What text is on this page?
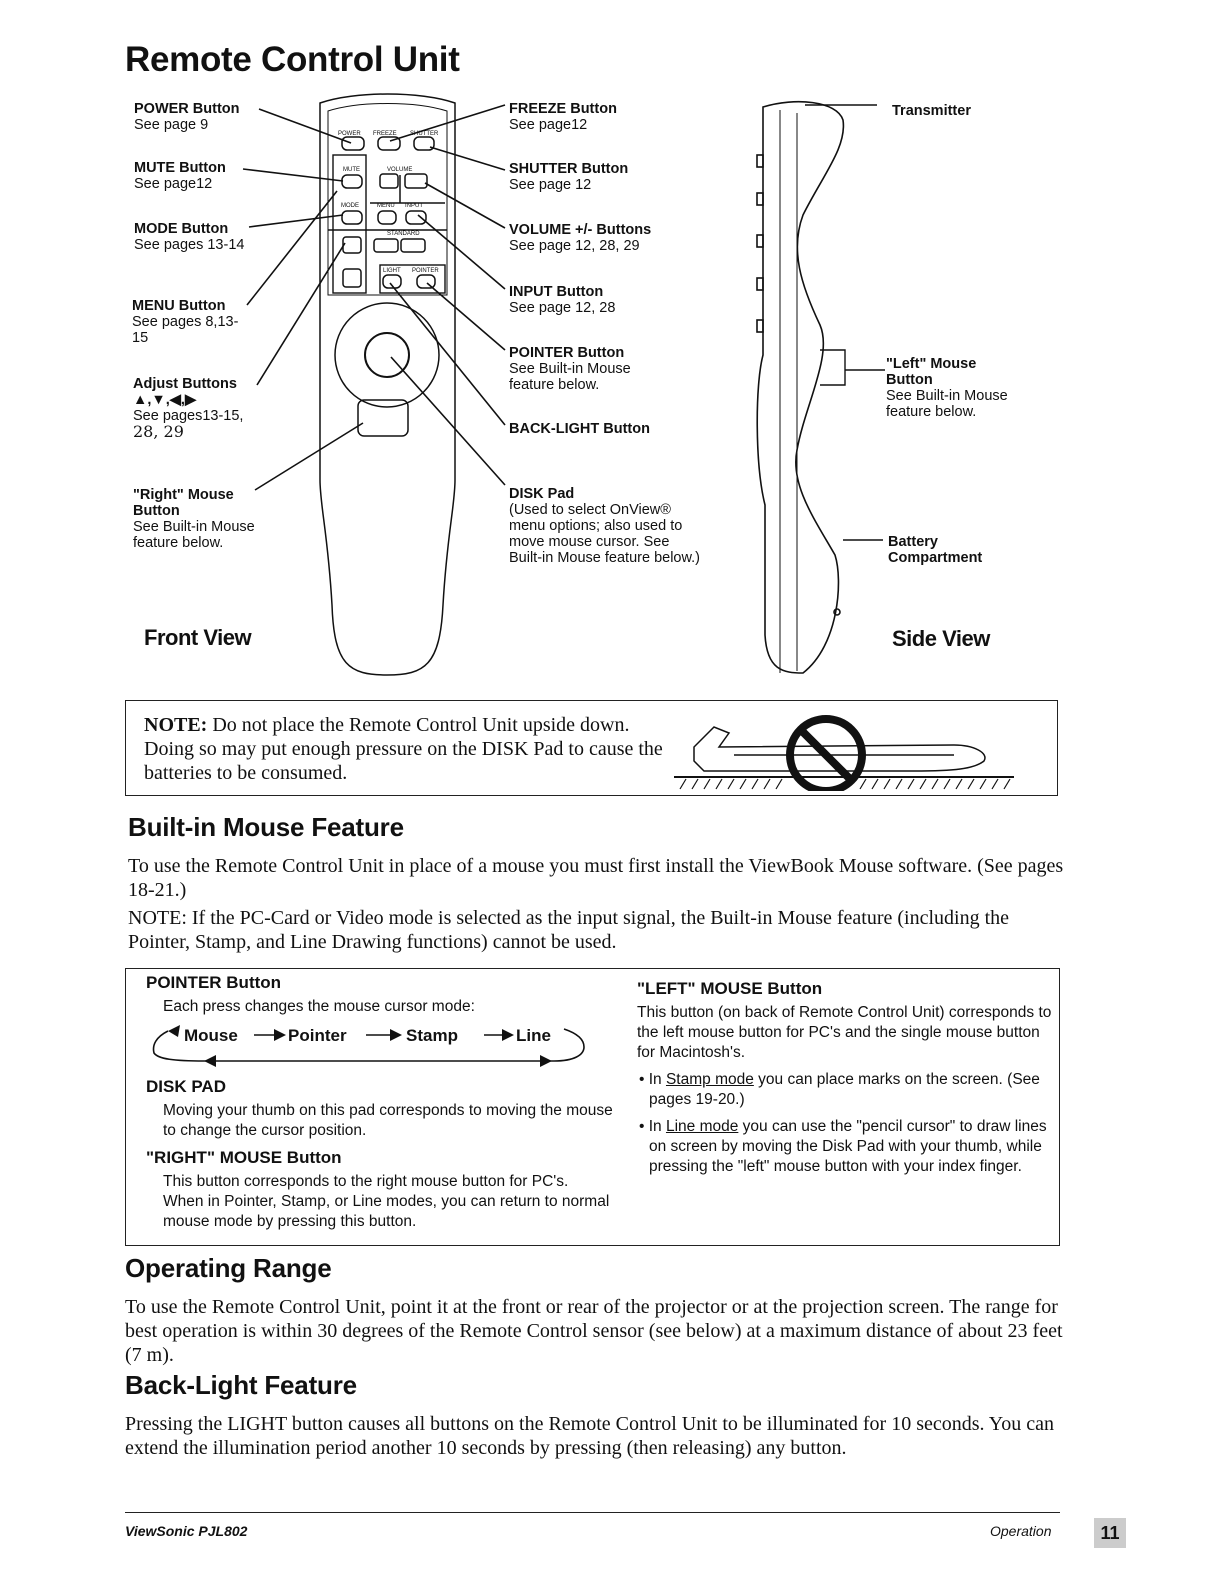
Remote Control Unit
POWER Button
See page 9
MUTE Button
See page12
MODE Button
See pages 13-14
MENU Button
See pages 8,13-
15
Adjust Buttons
▲,▼,◀,▶
See pages13-15,
28, 29
"Right" Mouse
Button
See Built-in Mouse
feature below.
FREEZE Button
See page12
SHUTTER Button
See page 12
VOLUME +/- Buttons
See page 12, 28, 29
INPUT Button
See page 12, 28
POINTER Button
See Built-in Mouse
feature below.
BACK-LIGHT Button
DISK Pad
(Used to select OnView®
menu options; also used to
move mouse cursor. See
Built-in Mouse feature below.)
Front View	Side View
POWER FREEZE SHUTTER
MUTE	VOLUME
MODE	MENU INPUT
STANDARD
LIGHT POINTER
Transmitter
"Left" Mouse
Button
See Built-in Mouse
feature below.
Battery
Compartment
NOTE: Do not place the Remote Control Unit upside down. Doing so may put enough pressure on the DISK Pad to cause the batteries to be consumed.
Built-in Mouse Feature

To use the Remote Control Unit in place of a mouse you must first install the ViewBook Mouse software. (See pages 18-21.)

NOTE: If the PC-Card or Video mode is selected as the input signal, the Built-in Mouse feature (including the Pointer, Stamp, and Line Drawing functions) cannot be used.

POINTER Button
Each press changes the mouse cursor mode:
Mouse	Pointer	Stamp	Line
DISK PAD
Moving your thumb on this pad corresponds to moving the mouse to change the cursor position.
"RIGHT" MOUSE Button
This button corresponds to the right mouse button for PC's. When in Pointer, Stamp, or Line modes, you can return to normal mouse mode by pressing this button.
"LEFT" MOUSE Button
This button (on back of Remote Control Unit) corresponds to the left mouse button for PC's and the single mouse button for Macintosh's.
• In Stamp mode you can place marks on the screen. (See pages 19-20.)
• In Line mode you can use the "pencil cursor" to draw lines on screen by moving the Disk Pad with your thumb, while pressing the "left" mouse button with your index finger.
Operating Range

To use the Remote Control Unit, point it at the front or rear of the projector or at the projection screen. The range for best operation is within 30 degrees of the Remote Control sensor (see below) at a maximum distance of about 23 feet (7 m).

Back-Light Feature

Pressing the LIGHT button causes all buttons on the Remote Control Unit to be illuminated for 10 seconds. You can extend the illumination period another 10 seconds by pressing (then releasing) any button.

ViewSonic PJL802	Operation	11
